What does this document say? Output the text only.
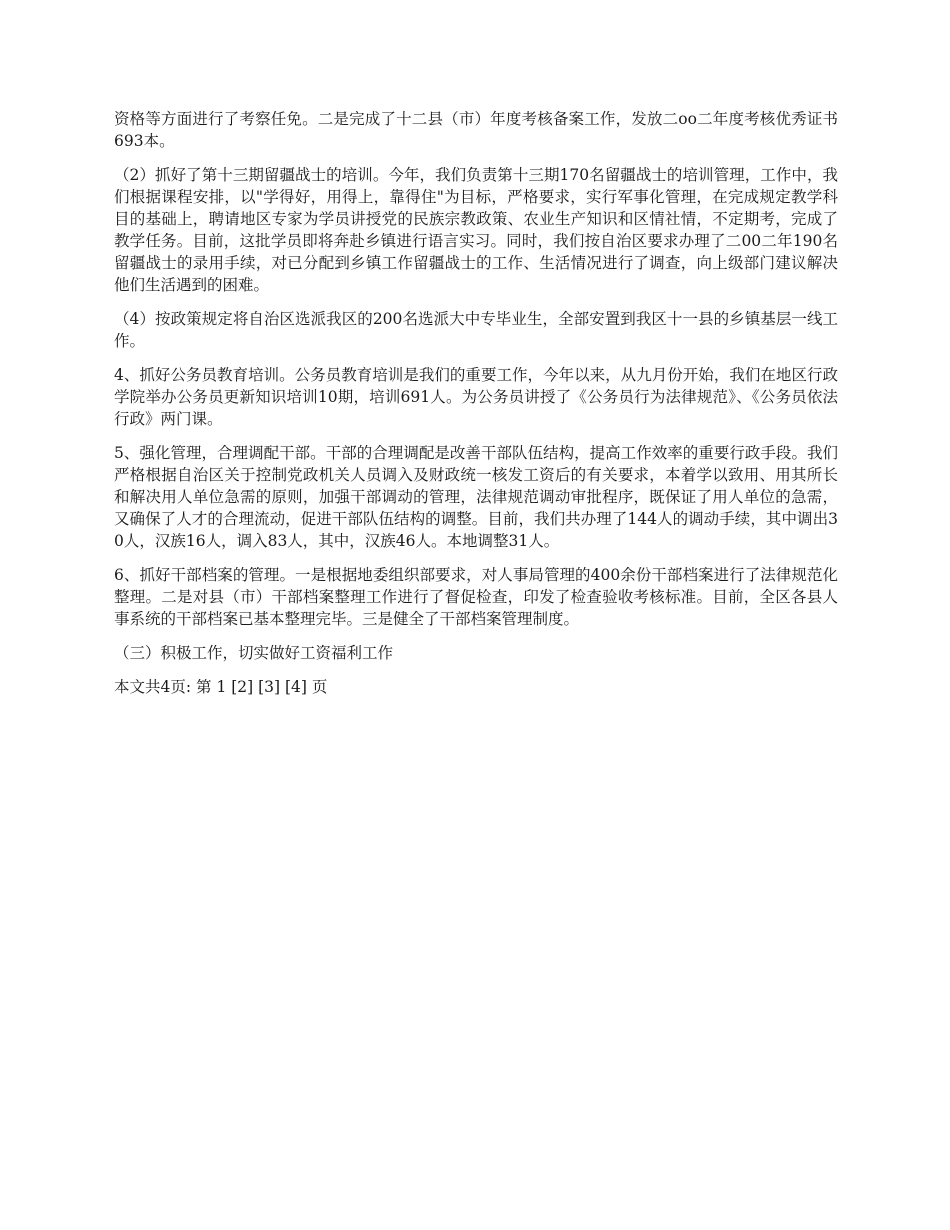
资格等方面进行了考察任免。二是完成了十二县（市）年度考核备案工作，发放二oo二年度考核优秀证书693本。

（2）抓好了第十三期留疆战士的培训。今年，我们负责第十三期170名留疆战士的培训管理，工作中，我们根据课程安排，以"学得好，用得上，靠得住"为目标，严格要求，实行军事化管理，在完成规定教学科目的基础上，聘请地区专家为学员讲授党的民族宗教政策、农业生产知识和区情社情，不定期考，完成了教学任务。目前，这批学员即将奔赴乡镇进行语言实习。同时，我们按自治区要求办理了二00二年190名留疆战士的录用手续，对已分配到乡镇工作留疆战士的工作、生活情况进行了调查，向上级部门建议解决他们生活遇到的困难。

（4）按政策规定将自治区选派我区的200名选派大中专毕业生，全部安置到我区十一县的乡镇基层一线工作。

4、抓好公务员教育培训。公务员教育培训是我们的重要工作，今年以来，从九月份开始，我们在地区行政学院举办公务员更新知识培训10期，培训691人。为公务员讲授了《公务员行为法律规范》、《公务员依法行政》两门课。

5、强化管理，合理调配干部。干部的合理调配是改善干部队伍结构，提高工作效率的重要行政手段。我们严格根据自治区关于控制党政机关人员调入及财政统一核发工资后的有关要求，本着学以致用、用其所长和解决用人单位急需的原则，加强干部调动的管理，法律规范调动审批程序，既保证了用人单位的急需，又确保了人才的合理流动，促进干部队伍结构的调整。目前，我们共办理了144人的调动手续，其中调出30人，汉族16人，调入83人，其中，汉族46人。本地调整31人。

6、抓好干部档案的管理。一是根据地委组织部要求，对人事局管理的400余份干部档案进行了法律规范化整理。二是对县（市）干部档案整理工作进行了督促检查，印发了检查验收考核标准。目前，全区各县人事系统的干部档案已基本整理完毕。三是健全了干部档案管理制度。

（三）积极工作，切实做好工资福利工作

本文共4页: 第 1 [2] [3] [4] 页
